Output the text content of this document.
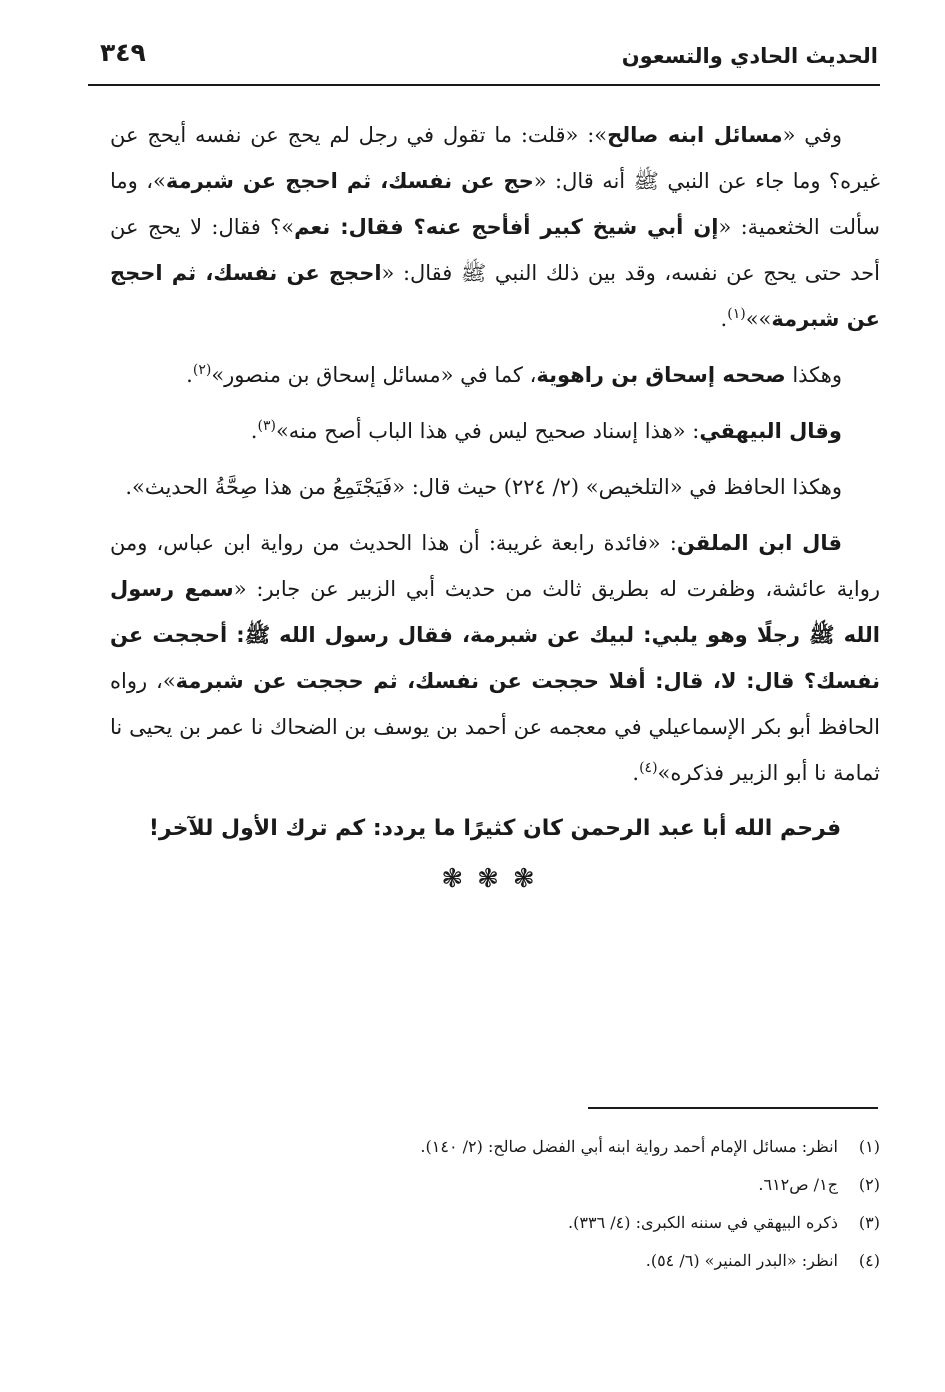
الحديث الحادي والتسعون
٣٤٩

وفي «مسائل ابنه صالح»: «قلت: ما تقول في رجل لم يحج عن نفسه أيحج عن غيره؟ وما جاء عن النبي ﷺ أنه قال: «حج عن نفسك، ثم احجج عن شبرمة»، وما سألت الخثعمية: «إن أبي شيخ كبير أفأحج عنه؟ فقال: نعم»؟ فقال: لا يحج عن أحد حتى يحج عن نفسه، وقد بين ذلك النبي ﷺ فقال: «احجج عن نفسك، ثم احجج عن شبرمة»»$^{(١)}$.

وهكذا صححه إسحاق بن راهوية، كما في «مسائل إسحاق بن منصور»$^{(٢)}$.

وقال البيهقي: «هذا إسناد صحيح ليس في هذا الباب أصح منه»$^{(٣)}$.

وهكذا الحافظ في «التلخيص» (٢/ ٢٢٤) حيث قال: «فَيَجْتَمِعُ من هذا صِحَّةُ الحديث».

قال ابن الملقن: «فائدة رابعة غريبة: أن هذا الحديث من رواية ابن عباس، ومن رواية عائشة، وظفرت له بطريق ثالث من حديث أبي الزبير عن جابر: «سمع رسول الله ﷺ رجلًا وهو يلبي: لبيك عن شبرمة، فقال رسول الله ﷺ: أحججت عن نفسك؟ قال: لا، قال: أفلا حججت عن نفسك، ثم حججت عن شبرمة»، رواه الحافظ أبو بكر الإسماعيلي في معجمه عن أحمد بن يوسف بن الضحاك نا عمر بن يحيى نا ثمامة نا أبو الزبير فذكره»$^{(٤)}$.

فرحم الله أبا عبد الرحمن كان كثيرًا ما يردد: كم ترك الأول للآخر!
❃❃❃
(١)انظر: مسائل الإمام أحمد رواية ابنه أبي الفضل صالح: (٢/ ١٤٠).
(٢)ج١/ ص٦١٢.
(٣)ذكره البيهقي في سننه الكبرى: (٤/ ٣٣٦).
(٤)انظر: «البدر المنير» (٦/ ٥٤).
